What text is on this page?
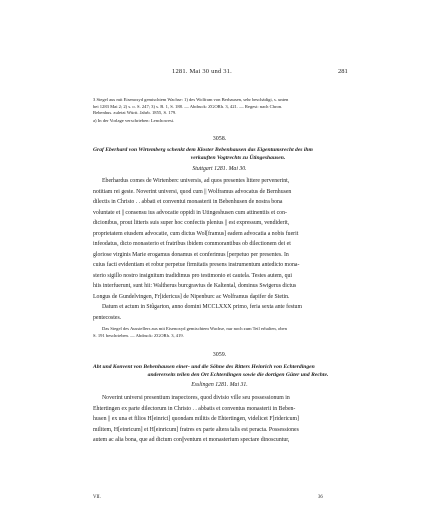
1281. Mai 30 und 31.	281
3 Siegel aus mit Eisenoxyd gemischtem Wachse: 1) des Wolfram von Berhausen, sehr beschädigt, s. unten
bei 1283 Mai 2; 2) s. o. S. 247; 3) s. B. 1, S. 188. — Abdruck: ZGORh. 3, 421. — Regest: nach Chron.
Bebenhus. zuletzt Württ. Jahrb. 1855, S. 179.
a) In der Vorlage verschrieben: Lenchowesi.
3058.
Graf Eberhard von Wirtemberg schenkt dem Kloster Bebenhausen das Eigentumsrecht des ihm
verkauften Vogtrechts zu Ütingeshausen.
Stuttgart 1281. Mai 30.
Eberhardus comes de Wirtenberc universis, ad quos presentes littere pervenerint,
notitiam rei geste. Noverint universi, quod cum || Wolframus advocatus de Bernhusen
dilectis in Christo . . abbati et conventui monasterii in Bebenhusen de nostra bona
voluntate et || consensu ius advocatie oppidi in Utingeshusen cum attinentiis et con-
dicionibus, prout litteris suis super hoc confectis plenius || est expressum, vendiderit,
proprietatem eiusdem advocatie, cum dictus Wol[framus] eadem advocatia a nobis fuerit
infeodatus, dicto monasterio et fratribus ibidem commorantibus ob dilectionem dei et
gloriose virginis Marie erogamus donamus et conferimus [perpetuo per presentes. In
cuius facti evidentiam et robur perpetue firmitatis presens instrumentum antedicto mona-
sterio sigillo nostro insignitum tradidimus pro testimonio et cautela. Testes autem, qui
hiis interfuerunt, sunt hii: Waltherus burcgravius de Kaltental, dominus Swigerus dictus
Longus de Gundelvingen, Fr[idericus] de Nipenburc ac Wolframus dapifer de Stetin.
Datum et actum in Stûgarton, anno domini MCCLXXX primo, feria sexta ante festum
pentecostes.
Das Siegel des Ausstellers aus mit Eisenoxyd gemischtem Wachse, nur noch zum Teil erhalten, oben
S. 191 beschrieben. — Abdruck: ZGORh. 3, 419.
3059.
Abt und Konvent von Bebenhausen einer- und die Söhne des Ritters Heinrich von Echterdingen
andererseits teilen den Ort Echterdingen sowie die dortigen Güter und Rechte.
Esslingen 1281. Mai 31.
Noverint universi presentium inspectores, quod divisio ville seu possessionum in
Ehtertingen ex parte dilectorum in Christo . . abbatis et conventus monasterii in Beben-
husen || ex una et filios H[einrici] quondam militis de Ehtertingen, videlicet F[ridericum]
militem, H[einricum] et H[einricum] fratres ex parte altera talis est peracta. Possessiones
autem ac alia bona, que ad dictum con||ventum et monasterium spectare dinoscuntur,
VII.	36
